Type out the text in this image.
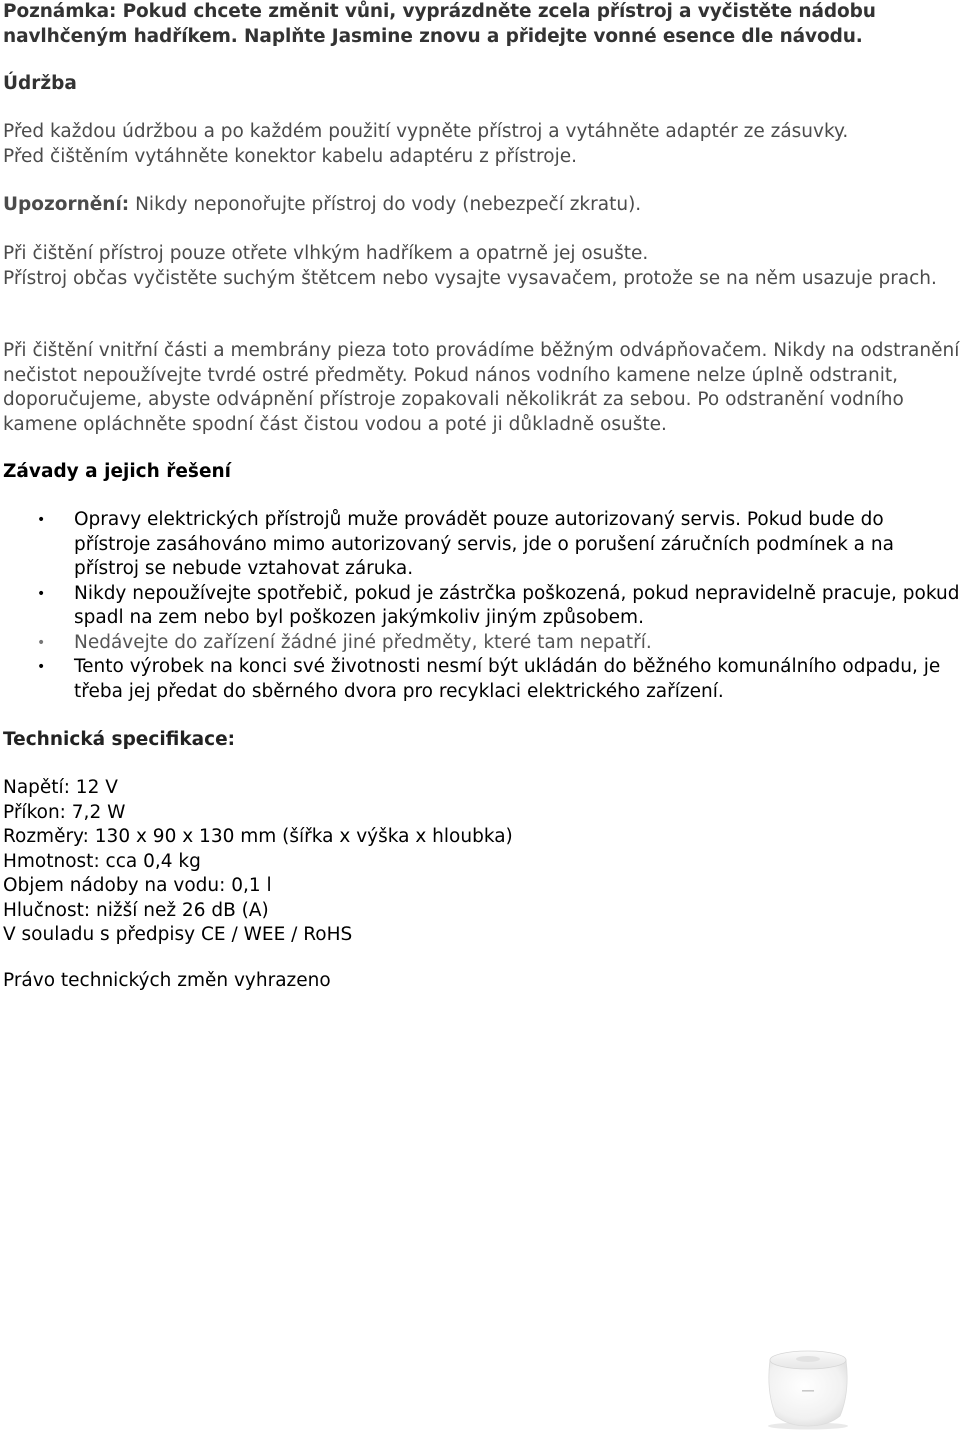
Poznámka: Pokud chcete změnit vůni, vyprázdněte zcela přístroj a vyčistěte nádobu navlhčeným hadříkem. Naplňte Jasmine znovu a přidejte vonné esence dle návodu.

Údržba

Před každou údržbou a po každém použití vypněte přístroj a vytáhněte adaptér ze zásuvky.

Před čištěním vytáhněte konektor kabelu adaptéru z přístroje.

Upozornění: Nikdy neponořujte přístroj do vody (nebezpečí zkratu).

Při čištění přístroj pouze otřete vlhkým hadříkem a opatrně jej osušte.

Přístroj občas vyčistěte suchým štětcem nebo vysajte vysavačem, protože se na něm usazuje prach.

Při čištění vnitřní části a membrány pieza toto provádíme běžným odvápňovačem. Nikdy na odstranění nečistot nepoužívejte tvrdé ostré předměty. Pokud nános vodního kamene nelze úplně odstranit, doporučujeme, abyste odvápnění přístroje zopakovali několikrát za sebou. Po odstranění vodního kamene opláchněte spodní část čistou vodou a poté ji důkladně osušte.

Závady a jejich řešení

• Opravy elektrických přístrojů muže provádět pouze autorizovaný servis. Pokud bude do přístroje zasáhováno mimo autorizovaný servis, jde o porušení záručních podmínek a na přístroj se nebude vztahovat záruka.
• Nikdy nepoužívejte spotřebič, pokud je zástrčka poškozená, pokud nepravidelně pracuje, pokud spadl na zem nebo byl poškozen jakýmkoliv jiným způsobem.
• Nedávejte do zařízení žádné jiné předměty, které tam nepatří.
• Tento výrobek na konci své životnosti nesmí být ukládán do běžného komunálního odpadu, je třeba jej předat do sběrného dvora pro recyklaci elektrického zařízení.

Technická specifikace:

Napětí: 12 V

Příkon: 7,2 W

Rozměry: 130 x 90 x 130 mm (šířka x výška x hloubka)

Hmotnost: cca 0,4 kg

Objem nádoby na vodu: 0,1 l

Hlučnost: nižší než 26 dB (A)

V souladu s předpisy CE / WEE / RoHS

Právo technických změn vyhrazeno
